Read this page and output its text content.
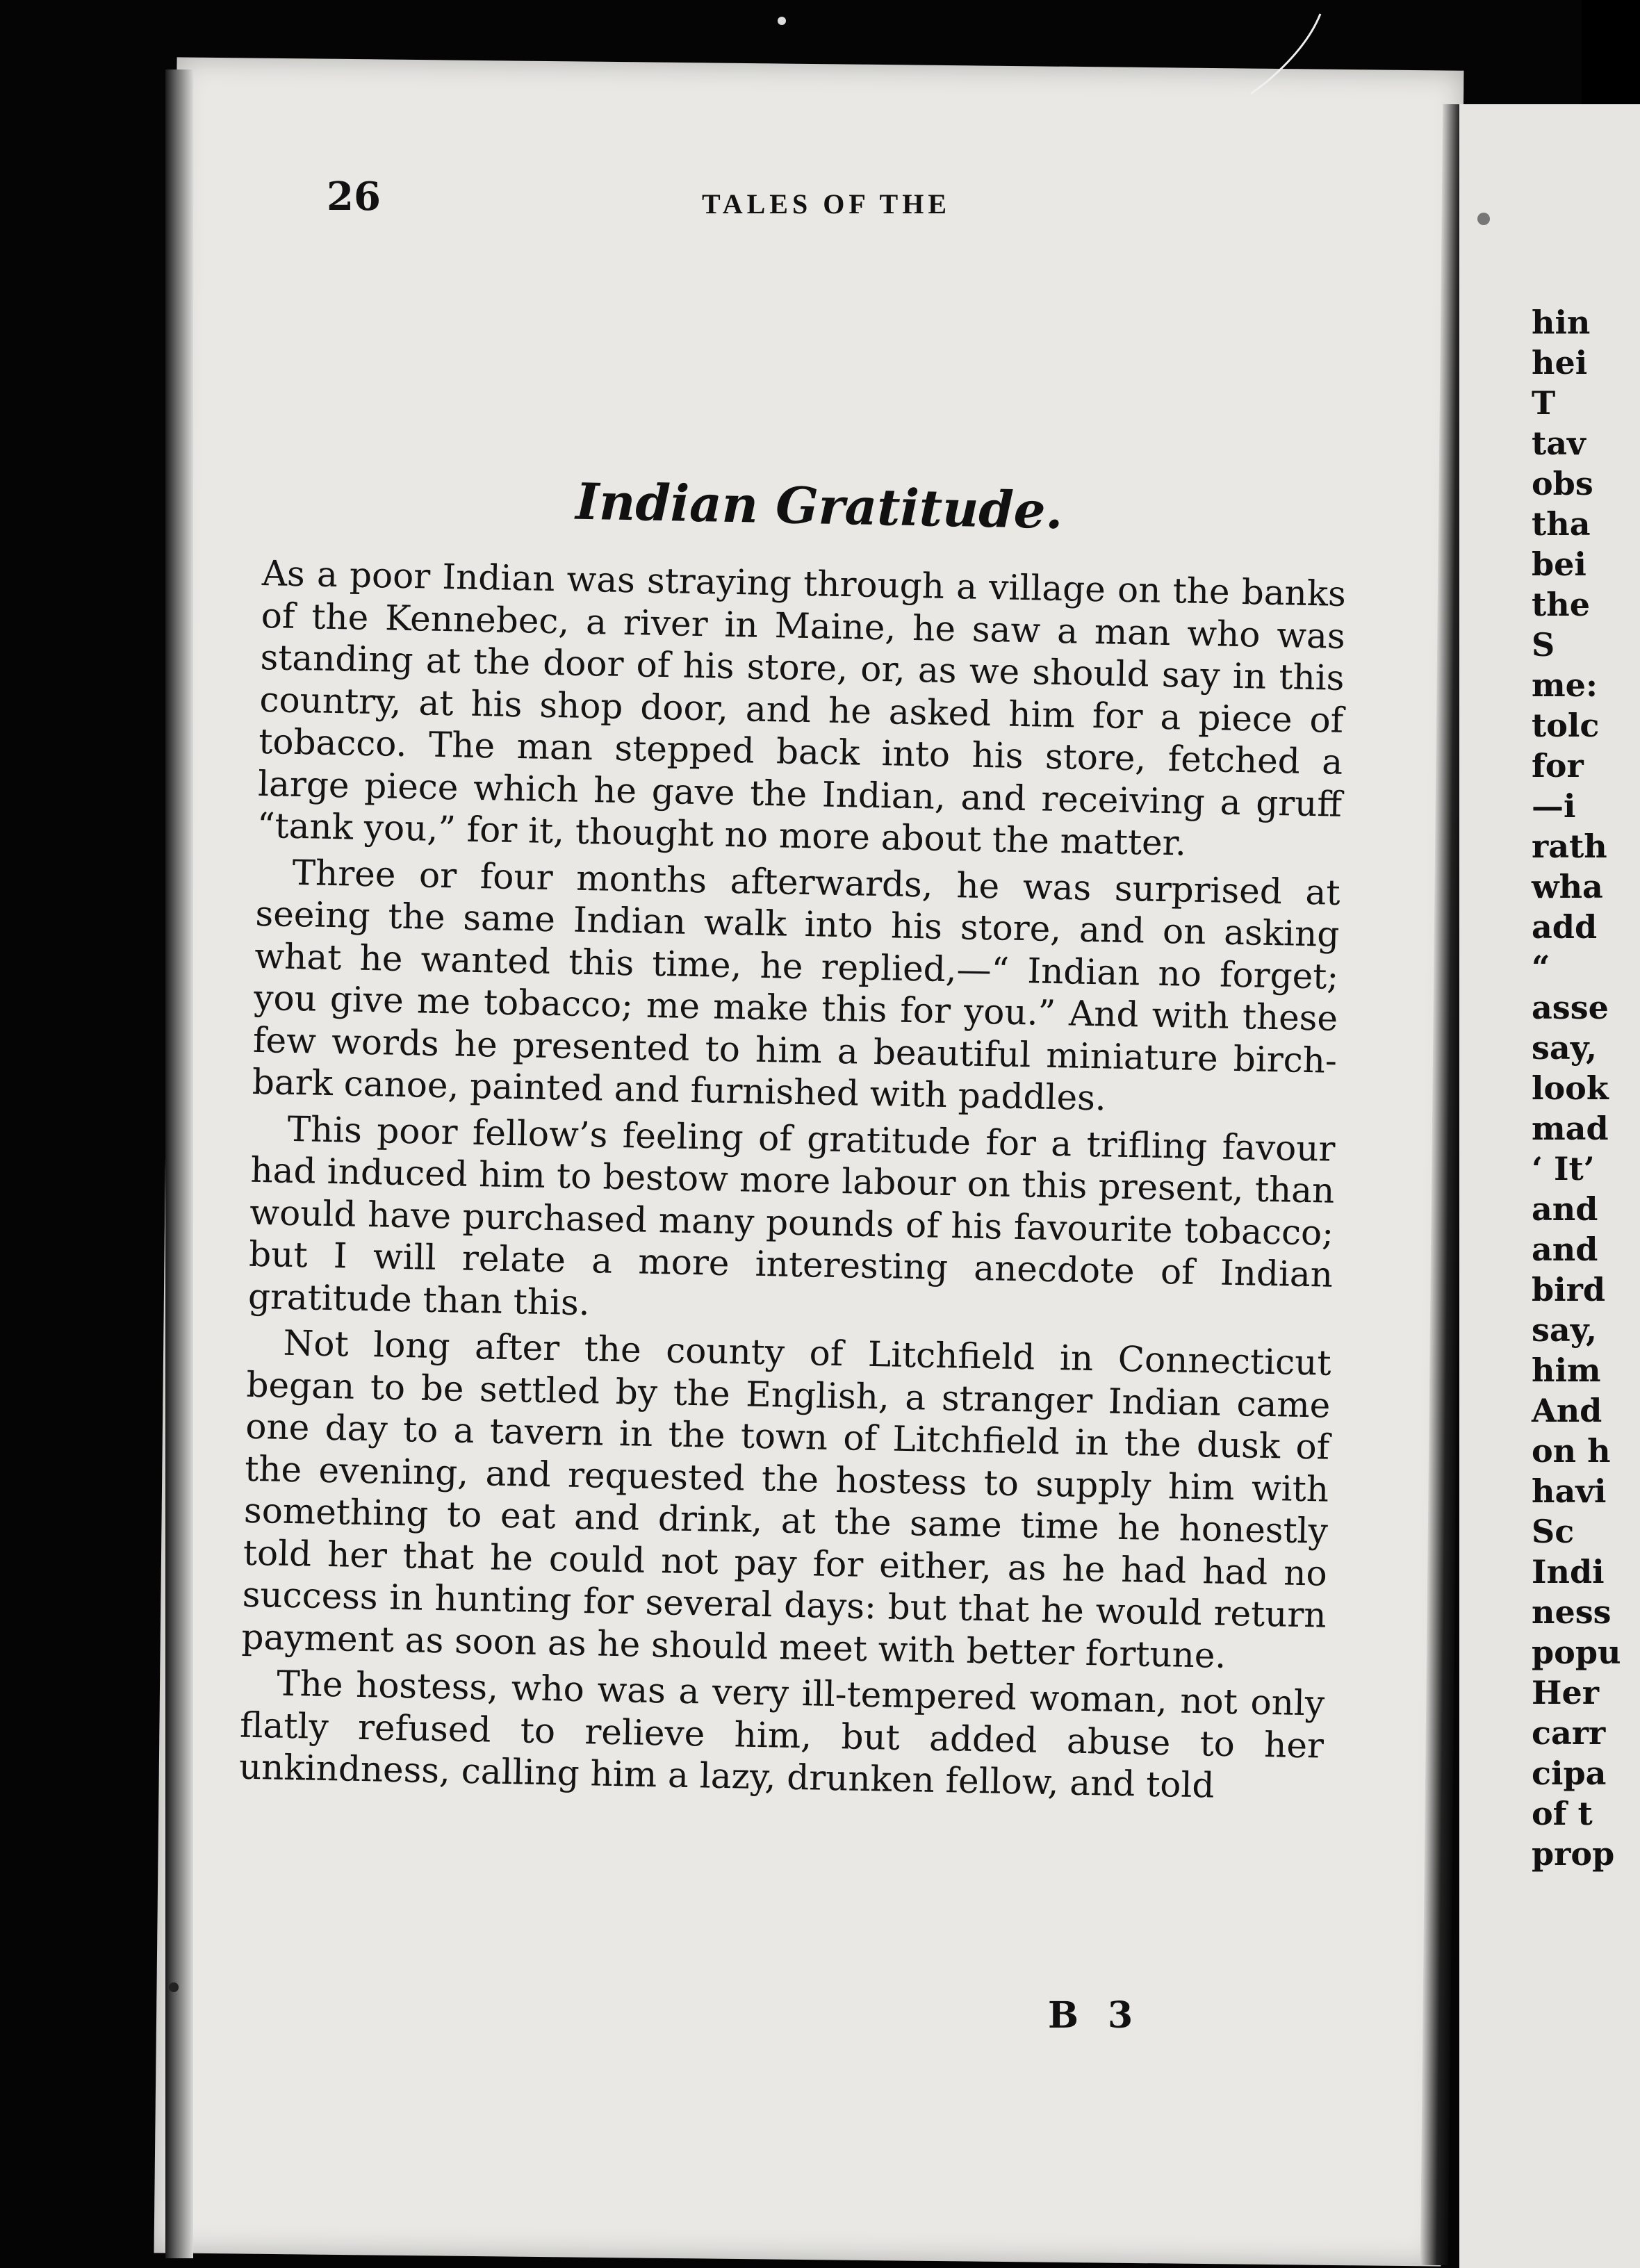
hin
hei
T
tav
obs
tha
bei
the
S
me:
tolc
for
—i
rath
wha
add
“
asse
say,
look
mad
‘ It’
and
and
bird
say,
him
And
on h
havi
Sc
Indi
ness
popu
Her
carr
cipa
of t
prop
26	TALES OF THE
Indian Gratitude.

As a poor Indian was straying through a village on the banks of the Kennebec, a river in Maine, he saw a man who was standing at the door of his store, or, as we should say in this country, at his shop door, and he asked him for a piece of tobacco. The man stepped back into his store, fetched a large piece which he gave the Indian, and receiving a gruff “tank you,” for it, thought no more about the matter.

Three or four months afterwards, he was surprised at seeing the same Indian walk into his store, and on asking what he wanted this time, he replied,—“ Indian no forget; you give me tobacco; me make this for you.” And with these few words he presented to him a beautiful miniature birch-bark canoe, painted and furnished with paddles.

This poor fellow’s feeling of gratitude for a trifling favour had induced him to bestow more labour on this present, than would have purchased many pounds of his favourite tobacco; but I will relate a more interesting anecdote of Indian gratitude than this.

Not long after the county of Litchfield in Connecticut began to be settled by the English, a stranger Indian came one day to a tavern in the town of Litchfield in the dusk of the evening, and requested the hostess to supply him with something to eat and drink, at the same time he honestly told her that he could not pay for either, as he had had no success in hunting for several days: but that he would return payment as soon as he should meet with better fortune.

The hostess, who was a very ill-tempered woman, not only flatly refused to relieve him, but added abuse to her unkindness, calling him a lazy, drunken fellow, and told

B 3
